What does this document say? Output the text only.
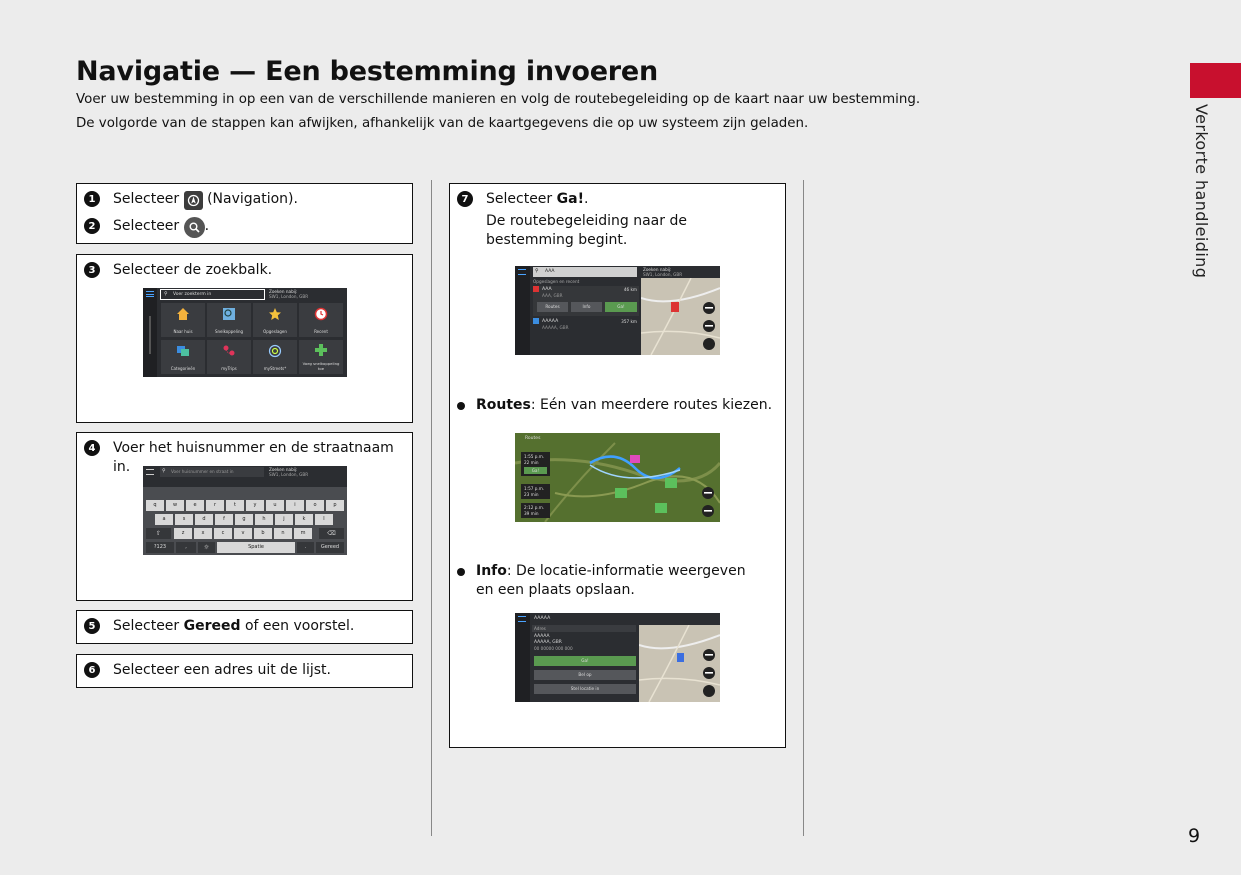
Navigatie — Een bestemming invoeren
Voer uw bestemming in op een van de verschillende manieren en volg de routebegeleiding op de kaart naar uw bestemming.
De volgorde van de stappen kan afwijken, afhankelijk van de kaartgegevens die op uw systeem zijn geladen.	Verkorte handleiding
9
1	Selecteer
(Navigation).
2	Selecteer
.
3	Selecteer de zoekbalk.
⚲ Voer zoekterm in	Zoeken nabij:
SW1, London, GBR
Naar huis	Snelkoppeling	Opgeslagen	Recent
Categorieën	myTrips	myStreets*
Voeg snelkoppeling toe
4	Voer het huisnummer en de straatnaam in.	⚲ Voer huisnummer en straat in	Zoeken nabij:
SW1, London, GBR
q	w	e	r	t	y	u	i	o	p
a	s	d	f	g	h	j	k	l
⇧	z	x	c	v	b	n	m	⌫
?123	,	☼	Spatie	.	Gereed
5	Selecteer Gereed of een voorstel.
6	Selecteer een adres uit de lijst.
7	Selecteer Ga!.
De routebegeleiding naar de bestemming begint.
⚲ AAA	Zoeken nabij:
SW1, London, GBR
Opgeslagen en recent
AAA
AAA, GBR
46 km
Routes	Info	Ga!
AAAAA
AAAAA, GBR
357 km
Routes: Eén van meerdere routes kiezen.
Routes
1:55 p.m.
22 min
Ga!
1:57 p.m.
23 min
2:12 p.m.
39 min
Info: De locatie-informatie weergeven en een plaats opslaan.
AAAAA
Adres
AAAAA
AAAAA, GBR
00 00000 000 000
Ga!
Bel op
Stel locatie in
